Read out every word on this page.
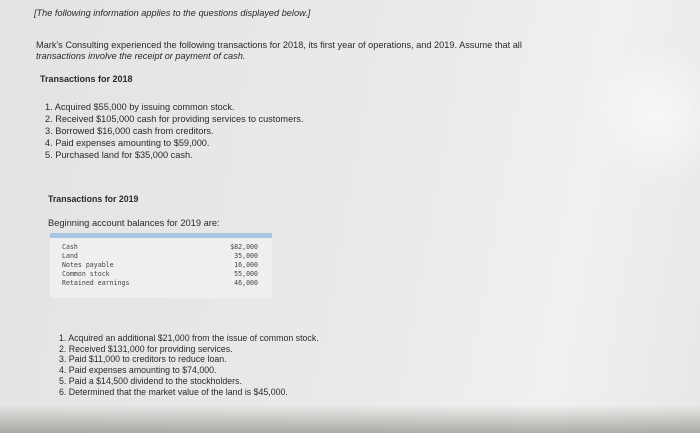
[The following information applies to the questions displayed below.]
Mark's Consulting experienced the following transactions for 2018, its first year of operations, and 2019. Assume that all
transactions involve the receipt or payment of cash.
Transactions for 2018
1. Acquired $55,000 by issuing common stock.
2. Received $105,000 cash for providing services to customers.
3. Borrowed $16,000 cash from creditors.
4. Paid expenses amounting to $59,000.
5. Purchased land for $35,000 cash.
Transactions for 2019
Beginning account balances for 2019 are:
Cash	$82,000
Land	35,000
Notes payable	16,000
Common stock	55,000
Retained earnings	46,000
1. Acquired an additional $21,000 from the issue of common stock.
2. Received $131,000 for providing services.
3. Paid $11,000 to creditors to reduce loan.
4. Paid expenses amounting to $74,000.
5. Paid a $14,500 dividend to the stockholders.
6. Determined that the market value of the land is $45,000.
